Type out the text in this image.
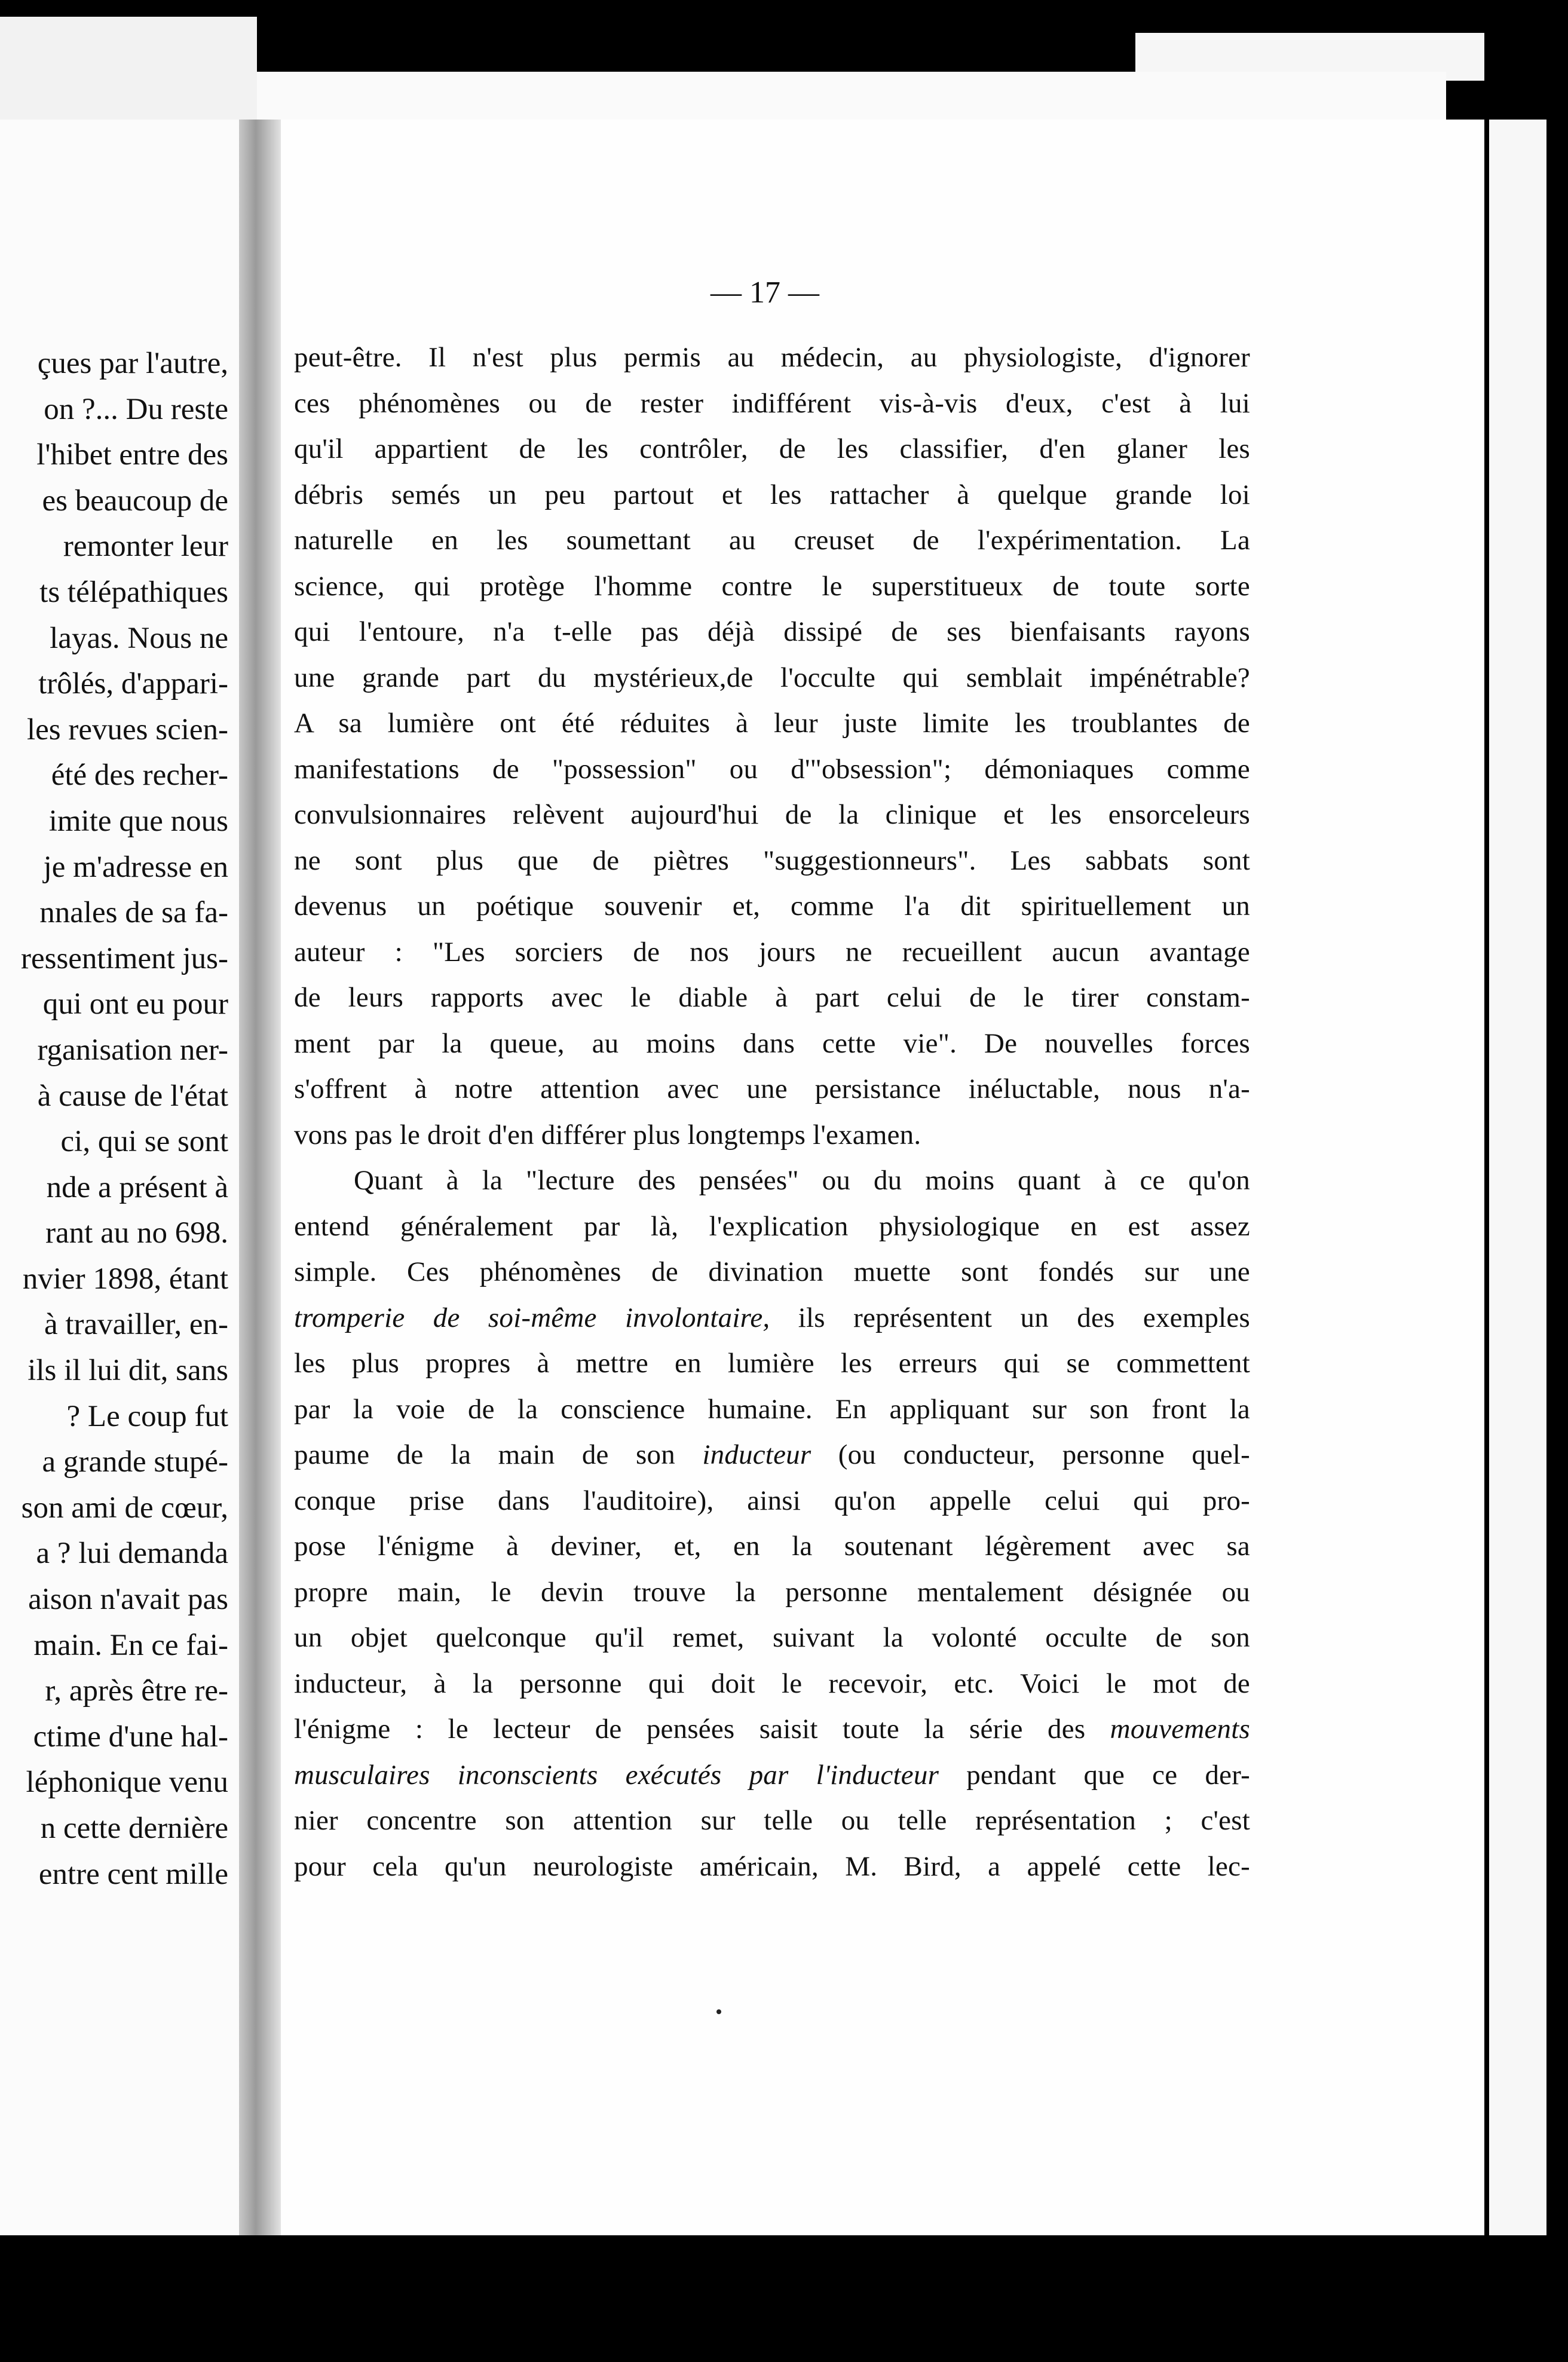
çues par l'autre,
on ?... Du reste
l'hibet entre des
es beaucoup de
remonter leur
ts télépathiques
layas. Nous ne
trôlés, d'appari-
les revues scien-
été des recher-
imite que nous
je m'adresse en
nnales de sa fa-
ressentiment jus-
qui ont eu pour
rganisation ner-
à cause de l'état
ci, qui se sont
nde a présent à
rant au no 698.
nvier 1898, étant
à travailler, en-
ils il lui dit, sans
? Le coup fut
a grande stupé-
son ami de cœur,
a ? lui demanda
aison n'avait pas
main. En ce fai-
r, après être re-
ctime d'une hal-
léphonique venu
n cette dernière
entre cent mille
— 17 —
peut-être. Il n'est plus permis au médecin, au physiologiste, d'ignorer
ces phénomènes ou de rester indifférent vis-à-vis d'eux, c'est à lui
qu'il appartient de les contrôler, de les classifier, d'en glaner les
débris semés un peu partout et les rattacher à quelque grande loi
naturelle en les soumettant au creuset de l'expérimentation. La
science, qui protège l'homme contre le superstitueux de toute sorte
qui l'entoure, n'a t-elle pas déjà dissipé de ses bienfaisants rayons
une grande part du mystérieux,de l'occulte qui semblait impénétrable?
A sa lumière ont été réduites à leur juste limite les troublantes de
manifestations de "possession" ou d'"obsession"; démoniaques comme
convulsionnaires relèvent aujourd'hui de la clinique et les ensorceleurs
ne sont plus que de piètres "suggestionneurs". Les sabbats sont
devenus un poétique souvenir et, comme l'a dit spirituellement un
auteur : "Les sorciers de nos jours ne recueillent aucun avantage
de leurs rapports avec le diable à part celui de le tirer constam-
ment par la queue, au moins dans cette vie". De nouvelles forces
s'offrent à notre attention avec une persistance inéluctable, nous n'a-
vons pas le droit d'en différer plus longtemps l'examen.
Quant à la "lecture des pensées" ou du moins quant à ce qu'on
entend généralement par là, l'explication physiologique en est assez
simple. Ces phénomènes de divination muette sont fondés sur une
tromperie de soi-même involontaire, ils représentent un des exemples
les plus propres à mettre en lumière les erreurs qui se commettent
par la voie de la conscience humaine. En appliquant sur son front la
paume de la main de son inducteur (ou conducteur, personne quel-
conque prise dans l'auditoire), ainsi qu'on appelle celui qui pro-
pose l'énigme à deviner, et, en la soutenant légèrement avec sa
propre main, le devin trouve la personne mentalement désignée ou
un objet quelconque qu'il remet, suivant la volonté occulte de son
inducteur, à la personne qui doit le recevoir, etc. Voici le mot de
l'énigme : le lecteur de pensées saisit toute la série des mouvements
musculaires inconscients exécutés par l'inducteur pendant que ce der-
nier concentre son attention sur telle ou telle représentation ; c'est
pour cela qu'un neurologiste américain, M. Bird, a appelé cette lec-
